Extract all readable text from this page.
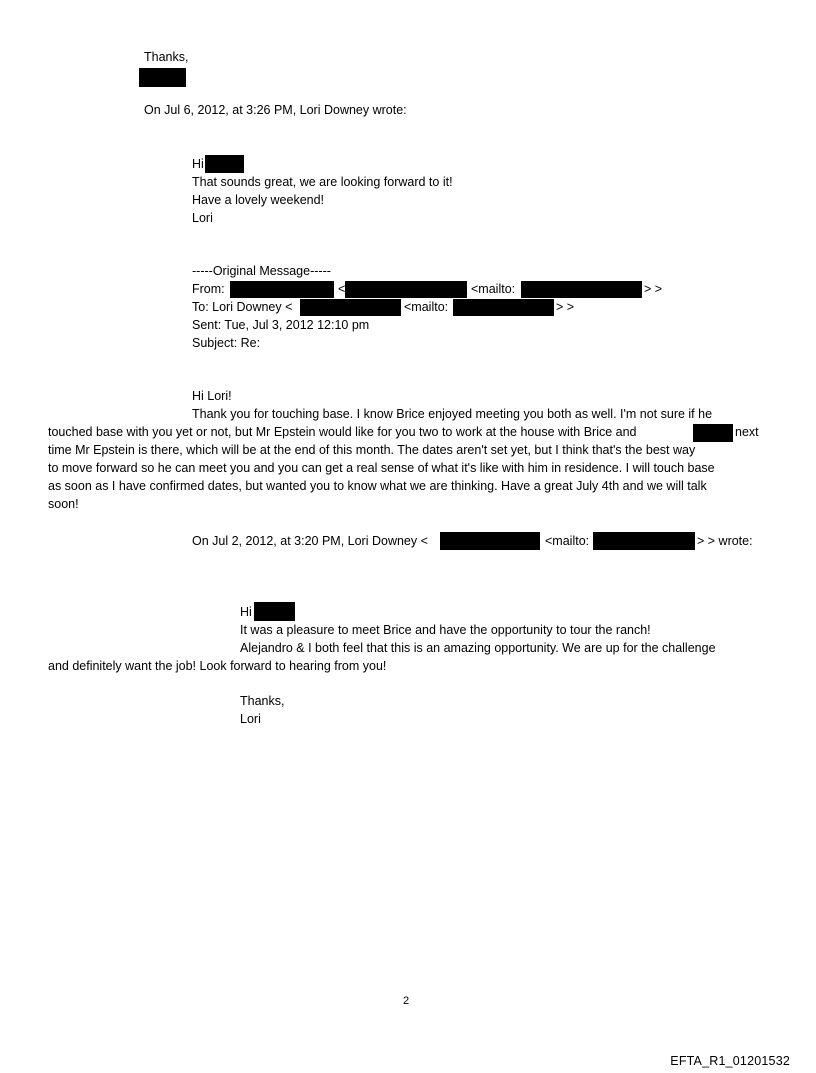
Thanks,
On Jul 6, 2012, at 3:26 PM, Lori Downey wrote:
Hi
That sounds great, we are looking forward to it!
Have a lovely weekend!
Lori
-----Original Message-----
From:	<	<mailto:	> >
To: Lori Downey <	<mailto:	> >
Sent: Tue, Jul 3, 2012 12:10 pm
Subject: Re:
Hi Lori!
Thank you for touching base. I know Brice enjoyed meeting you both as well. I'm not sure if he
touched base with you yet or not, but Mr Epstein would like for you two to work at the house with Brice and	next
time Mr Epstein is there, which will be at the end of this month. The dates aren't set yet, but I think that's the best way
to move forward so he can meet you and you can get a real sense of what it's like with him in residence. I will touch base
as soon as I have confirmed dates, but wanted you to know what we are thinking. Have a great July 4th and we will talk
soon!
On Jul 2, 2012, at 3:20 PM, Lori Downey <	<mailto:	> > wrote:
Hi
It was a pleasure to meet Brice and have the opportunity to tour the ranch!
Alejandro & I both feel that this is an amazing opportunity. We are up for the challenge
and definitely want the job! Look forward to hearing from you!
Thanks,
Lori
2
EFTA_R1_01201532
